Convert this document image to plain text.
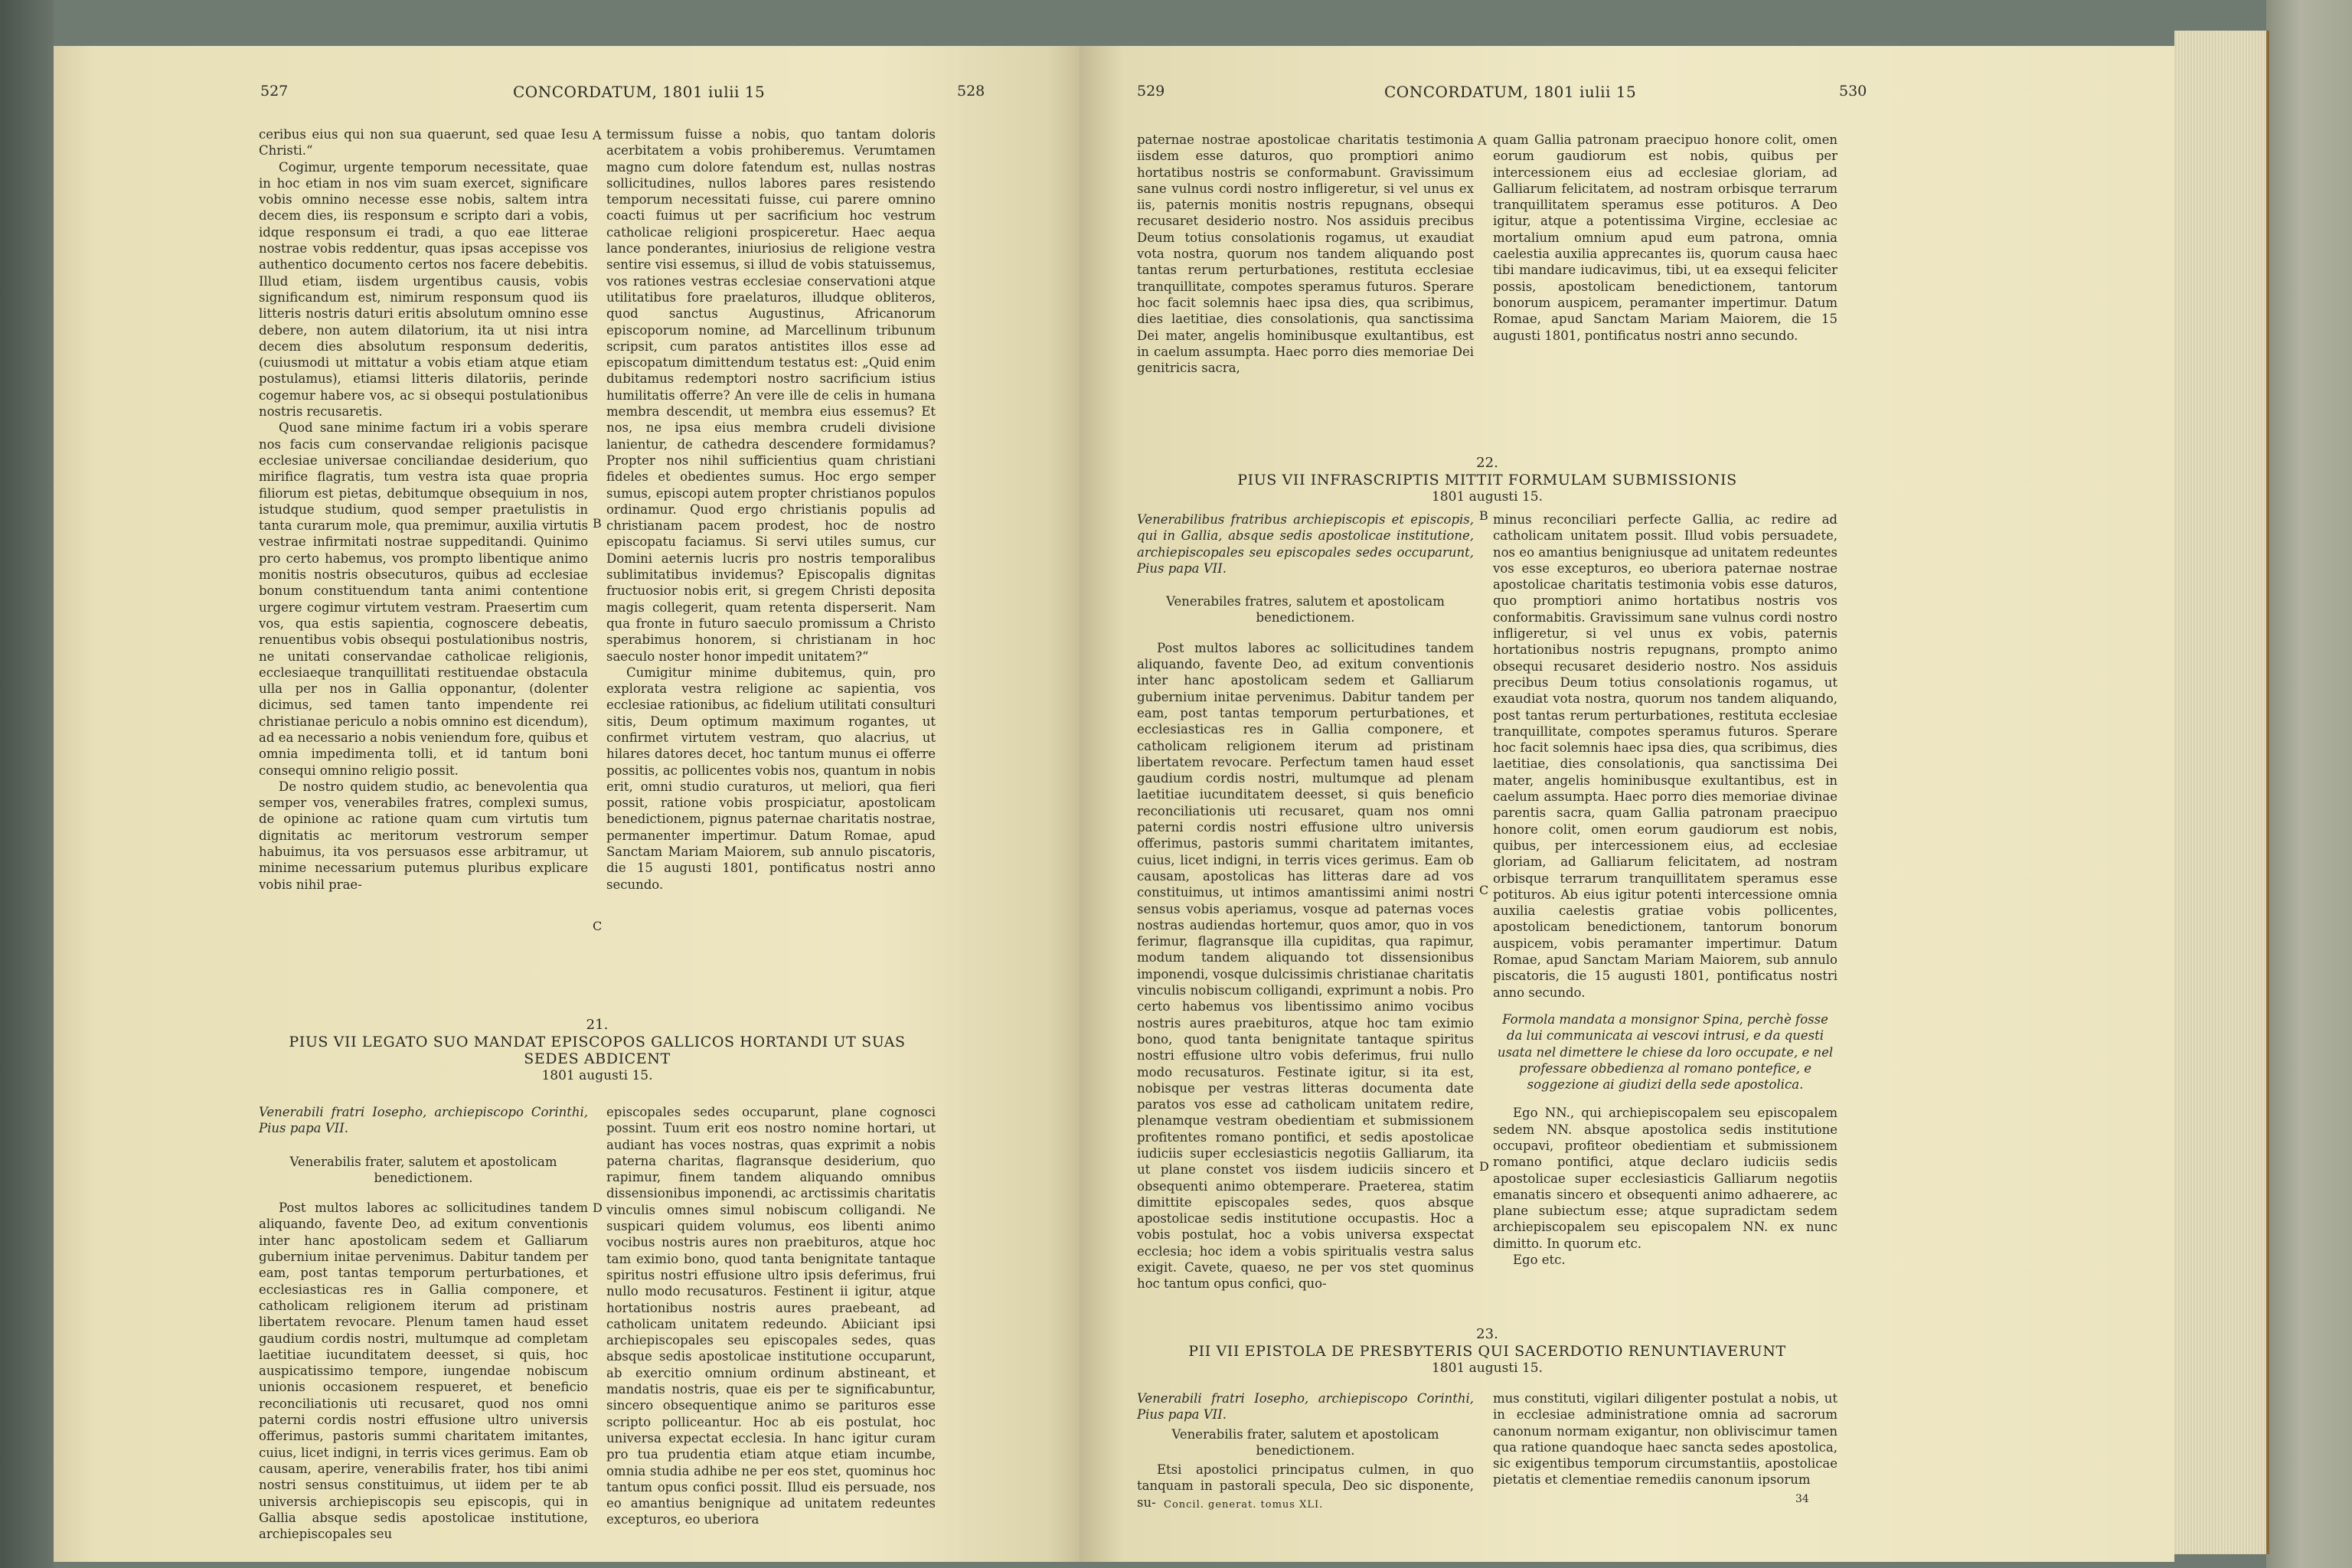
527	CONCORDATUM, 1801 iulii 15	528

ceribus eius qui non sua quaerunt, sed quae Iesu Christi.“

Cogimur, urgente temporum necessitate, quae in hoc etiam in nos vim suam exercet, significare vobis omnino necesse esse nobis, saltem intra decem dies, iis responsum e scripto dari a vobis, idque responsum ei tradi, a quo eae litterae nostrae vobis reddentur, quas ipsas accepisse vos authentico documento certos nos facere debebitis. Illud etiam, iisdem urgentibus causis, vobis significandum est, nimirum responsum quod iis litteris nostris daturi eritis absolutum omnino esse debere, non autem dilatorium, ita ut nisi intra decem dies absolutum responsum dederitis, (cuiusmodi ut mittatur a vobis etiam atque etiam postulamus), etiamsi litteris dilatoriis, perinde cogemur habere vos, ac si obsequi postulationibus nostris recusaretis.

Quod sane minime factum iri a vobis sperare nos facis cum conservandae religionis pacisque ecclesiae universae conciliandae desiderium, quo mirifice flagratis, tum vestra ista quae propria filiorum est pietas, debitumque obsequium in nos, istudque studium, quod semper praetulistis in tanta curarum mole, qua premimur, auxilia virtutis vestrae infirmitati nostrae suppeditandi. Quinimo pro certo habemus, vos prompto libentique animo monitis nostris obsecuturos, quibus ad ecclesiae bonum constituendum tanta animi contentione urgere cogimur virtutem vestram. Praesertim cum vos, qua estis sapientia, cognoscere debeatis, renuentibus vobis obsequi postulationibus nostris, ne unitati conservandae catholicae religionis, ecclesiaeque tranquillitati restituendae obstacula ulla per nos in Gallia opponantur, (dolenter dicimus, sed tamen tanto impendente rei christianae periculo a nobis omnino est dicendum), ad ea necessario a nobis veniendum fore, quibus et omnia impedimenta tolli, et id tantum boni consequi omnino religio possit.

De nostro quidem studio, ac benevolentia qua semper vos, venerabiles fratres, complexi sumus, de opinione ac ratione quam cum virtutis tum dignitatis ac meritorum vestrorum semper habuimus, ita vos persuasos esse arbitramur, ut minime necessarium putemus pluribus explicare vobis nihil prae-

A
B
C
D

termissum fuisse a nobis, quo tantam doloris acerbitatem a vobis prohiberemus. Verumtamen magno cum dolore fatendum est, nullas nostras sollicitudines, nullos labores pares resistendo temporum necessitati fuisse, cui parere omnino coacti fuimus ut per sacrificium hoc vestrum catholicae religioni prospiceretur. Haec aequa lance ponderantes, iniuriosius de religione vestra sentire visi essemus, si illud de vobis statuissemus, vos rationes vestras ecclesiae conservationi atque utilitatibus fore praelaturos, illudque obliteros, quod sanctus Augustinus, Africanorum episcoporum nomine, ad Marcellinum tribunum scripsit, cum paratos antistites illos esse ad episcopatum dimittendum testatus est: „Quid enim dubitamus redemptori nostro sacrificium istius humilitatis offerre? An vere ille de celis in humana membra descendit, ut membra eius essemus? Et nos, ne ipsa eius membra crudeli divisione lanientur, de cathedra descendere formidamus? Propter nos nihil sufficientius quam christiani fideles et obedientes sumus. Hoc ergo semper sumus, episcopi autem propter christianos populos ordinamur. Quod ergo christianis populis ad christianam pacem prodest, hoc de nostro episcopatu faciamus. Si servi utiles sumus, cur Domini aeternis lucris pro nostris temporalibus sublimitatibus invidemus? Episcopalis dignitas fructuosior nobis erit, si gregem Christi deposita magis collegerit, quam retenta disperserit. Nam qua fronte in futuro saeculo promissum a Christo sperabimus honorem, si christianam in hoc saeculo noster honor impedit unitatem?“

Cumigitur minime dubitemus, quin, pro explorata vestra religione ac sapientia, vos ecclesiae rationibus, ac fidelium utilitati consulturi sitis, Deum optimum maximum rogantes, ut confirmet virtutem vestram, quo alacrius, ut hilares datores decet, hoc tantum munus ei offerre possitis, ac pollicentes vobis nos, quantum in nobis erit, omni studio curaturos, ut meliori, qua fieri possit, ratione vobis prospiciatur, apostolicam benedictionem, pignus paternae charitatis nostrae, permanenter impertimur. Datum Romae, apud Sanctam Mariam Maiorem, sub annulo piscatoris, die 15 augusti 1801, pontificatus nostri anno secundo.

21.
PIUS VII LEGATO SUO MANDAT EPISCOPOS GALLICOS HORTANDI UT SUAS
SEDES ABDICENT
1801 augusti 15.

Venerabili fratri Iosepho, archiepiscopo Corinthi, Pius papa VII.

Venerabilis frater, salutem et apostolicam benedictionem.

Post multos labores ac sollicitudines tandem aliquando, favente Deo, ad exitum conventionis inter hanc apostolicam sedem et Galliarum gubernium initae pervenimus. Dabitur tandem per eam, post tantas temporum perturbationes, et ecclesiasticas res in Gallia componere, et catholicam religionem iterum ad pristinam libertatem revocare. Plenum tamen haud esset gaudium cordis nostri, multumque ad completam laetitiae iucunditatem deesset, si quis, hoc auspicatissimo tempore, iungendae nobiscum unionis occasionem respueret, et beneficio reconciliationis uti recusaret, quod nos omni paterni cordis nostri effusione ultro universis offerimus, pastoris summi charitatem imitantes, cuius, licet indigni, in terris vices gerimus. Eam ob causam, aperire, venerabilis frater, hos tibi animi nostri sensus constituimus, ut iidem per te ab universis archiepiscopis seu episcopis, qui in Gallia absque sedis apostolicae institutione, archiepiscopales seu

episcopales sedes occuparunt, plane cognosci possint. Tuum erit eos nostro nomine hortari, ut audiant has voces nostras, quas exprimit a nobis paterna charitas, flagransque desiderium, quo rapimur, finem tandem aliquando omnibus dissensionibus imponendi, ac arctissimis charitatis vinculis omnes simul nobiscum colligandi. Ne suspicari quidem volumus, eos libenti animo vocibus nostris aures non praebituros, atque hoc tam eximio bono, quod tanta benignitate tantaque spiritus nostri effusione ultro ipsis deferimus, frui nullo modo recusaturos. Festinent ii igitur, atque hortationibus nostris aures praebeant, ad catholicam unitatem redeundo. Abiiciant ipsi archiepiscopales seu episcopales sedes, quas absque sedis apostolicae institutione occuparunt, ab exercitio omnium ordinum abstineant, et mandatis nostris, quae eis per te significabuntur, sincero obsequentique animo se parituros esse scripto polliceantur. Hoc ab eis postulat, hoc universa expectat ecclesia. In hanc igitur curam pro tua prudentia etiam atque etiam incumbe, omnia studia adhibe ne per eos stet, quominus hoc tantum opus confici possit. Illud eis persuade, nos eo amantius benignique ad unitatem redeuntes excepturos, eo uberiora

529	CONCORDATUM, 1801 iulii 15	530

paternae nostrae apostolicae charitatis testimonia iisdem esse daturos, quo promptiori animo hortatibus nostris se conformabunt. Gravissimum sane vulnus cordi nostro infligeretur, si vel unus ex iis, paternis monitis nostris repugnans, obsequi recusaret desiderio nostro. Nos assiduis precibus Deum totius consolationis rogamus, ut exaudiat vota nostra, quorum nos tandem aliquando post tantas rerum perturbationes, restituta ecclesiae tranquillitate, compotes speramus futuros. Sperare hoc facit solemnis haec ipsa dies, qua scribimus, dies laetitiae, dies consolationis, qua sanctissima Dei mater, angelis hominibusque exultantibus, est in caelum assumpta. Haec porro dies memoriae Dei genitricis sacra,

A
B
C
D

quam Gallia patronam praecipuo honore colit, omen eorum gaudiorum est nobis, quibus per intercessionem eius ad ecclesiae gloriam, ad Galliarum felicitatem, ad nostram orbisque terrarum tranquillitatem speramus esse potituros. A Deo igitur, atque a potentissima Virgine, ecclesiae ac mortalium omnium apud eum patrona, omnia caelestia auxilia apprecantes iis, quorum causa haec tibi mandare iudicavimus, tibi, ut ea exsequi feliciter possis, apostolicam benedictionem, tantorum bonorum auspicem, peramanter impertimur. Datum Romae, apud Sanctam Mariam Maiorem, die 15 augusti 1801, pontificatus nostri anno secundo.

22.
PIUS VII INFRASCRIPTIS MITTIT FORMULAM SUBMISSIONIS
1801 augusti 15.

Venerabilibus fratribus archiepiscopis et episcopis, qui in Gallia, absque sedis apostolicae institutione, archiepiscopales seu episcopales sedes occuparunt, Pius papa VII.

Venerabiles fratres, salutem et apostolicam benedictionem.

Post multos labores ac sollicitudines tandem aliquando, favente Deo, ad exitum conventionis inter hanc apostolicam sedem et Galliarum gubernium initae pervenimus. Dabitur tandem per eam, post tantas temporum perturbationes, et ecclesiasticas res in Gallia componere, et catholicam religionem iterum ad pristinam libertatem revocare. Perfectum tamen haud esset gaudium cordis nostri, multumque ad plenam laetitiae iucunditatem deesset, si quis beneficio reconciliationis uti recusaret, quam nos omni paterni cordis nostri effusione ultro universis offerimus, pastoris summi charitatem imitantes, cuius, licet indigni, in terris vices gerimus. Eam ob causam, apostolicas has litteras dare ad vos constituimus, ut intimos amantissimi animi nostri sensus vobis aperiamus, vosque ad paternas voces nostras audiendas hortemur, quos amor, quo in vos ferimur, flagransque illa cupiditas, qua rapimur, modum tandem aliquando tot dissensionibus imponendi, vosque dulcissimis christianae charitatis vinculis nobiscum colligandi, exprimunt a nobis. Pro certo habemus vos libentissimo animo vocibus nostris aures praebituros, atque hoc tam eximio bono, quod tanta benignitate tantaque spiritus nostri effusione ultro vobis deferimus, frui nullo modo recusaturos. Festinate igitur, si ita est, nobisque per vestras litteras documenta date paratos vos esse ad catholicam unitatem redire, plenamque vestram obedientiam et submissionem profitentes romano pontifici, et sedis apostolicae iudiciis super ecclesiasticis negotiis Galliarum, ita ut plane constet vos iisdem iudiciis sincero et obsequenti animo obtemperare. Praeterea, statim dimittite episcopales sedes, quos absque apostolicae sedis institutione occupastis. Hoc a vobis postulat, hoc a vobis universa exspectat ecclesia; hoc idem a vobis spiritualis vestra salus exigit. Cavete, quaeso, ne per vos stet quominus hoc tantum opus confici, quo-

minus reconciliari perfecte Gallia, ac redire ad catholicam unitatem possit. Illud vobis persuadete, nos eo amantius benigniusque ad unitatem redeuntes vos esse excepturos, eo uberiora paternae nostrae apostolicae charitatis testimonia vobis esse daturos, quo promptiori animo hortatibus nostris vos conformabitis. Gravissimum sane vulnus cordi nostro infligeretur, si vel unus ex vobis, paternis hortationibus nostris repugnans, prompto animo obsequi recusaret desiderio nostro. Nos assiduis precibus Deum totius consolationis rogamus, ut exaudiat vota nostra, quorum nos tandem aliquando, post tantas rerum perturbationes, restituta ecclesiae tranquillitate, compotes speramus futuros. Sperare hoc facit solemnis haec ipsa dies, qua scribimus, dies laetitiae, dies consolationis, qua sanctissima Dei mater, angelis hominibusque exultantibus, est in caelum assumpta. Haec porro dies memoriae divinae parentis sacra, quam Gallia patronam praecipuo honore colit, omen eorum gaudiorum est nobis, quibus, per intercessionem eius, ad ecclesiae gloriam, ad Galliarum felicitatem, ad nostram orbisque terrarum tranquillitatem speramus esse potituros. Ab eius igitur potenti intercessione omnia auxilia caelestis gratiae vobis pollicentes, apostolicam benedictionem, tantorum bonorum auspicem, vobis peramanter impertimur. Datum Romae, apud Sanctam Mariam Maiorem, sub annulo piscatoris, die 15 augusti 1801, pontificatus nostri anno secundo.

Formola mandata a monsignor Spina, perchè fosse da lui communicata ai vescovi intrusi, e da questi usata nel dimettere le chiese da loro occupate, e nel professare obbedienza al romano pontefice, e soggezione ai giudizi della sede apostolica.

Ego NN., qui archiepiscopalem seu episcopalem sedem NN. absque apostolica sedis institutione occupavi, profiteor obedientiam et submissionem romano pontifici, atque declaro iudiciis sedis apostolicae super ecclesiasticis Galliarum negotiis emanatis sincero et obsequenti animo adhaerere, ac plane subiectum esse; atque supradictam sedem archiepiscopalem seu episcopalem NN. ex nunc dimitto. In quorum etc.

Ego etc.

23.
PII VII EPISTOLA DE PRESBYTERIS QUI SACERDOTIO RENUNTIAVERUNT
1801 augusti 15.

Venerabili fratri Iosepho, archiepiscopo Corinthi, Pius papa VII.

Venerabilis frater, salutem et apostolicam benedictionem.

Etsi apostolici principatus culmen, in quo tanquam in pastorali specula, Deo sic disponente, su-

mus constituti, vigilari diligenter postulat a nobis, ut in ecclesiae administratione omnia ad sacrorum canonum normam exigantur, non obliviscimur tamen qua ratione quandoque haec sancta sedes apostolica, sic exigentibus temporum circumstantiis, apostolicae pietatis et clementiae remediis canonum ipsorum

Concil. generat. tomus XLI.	34
